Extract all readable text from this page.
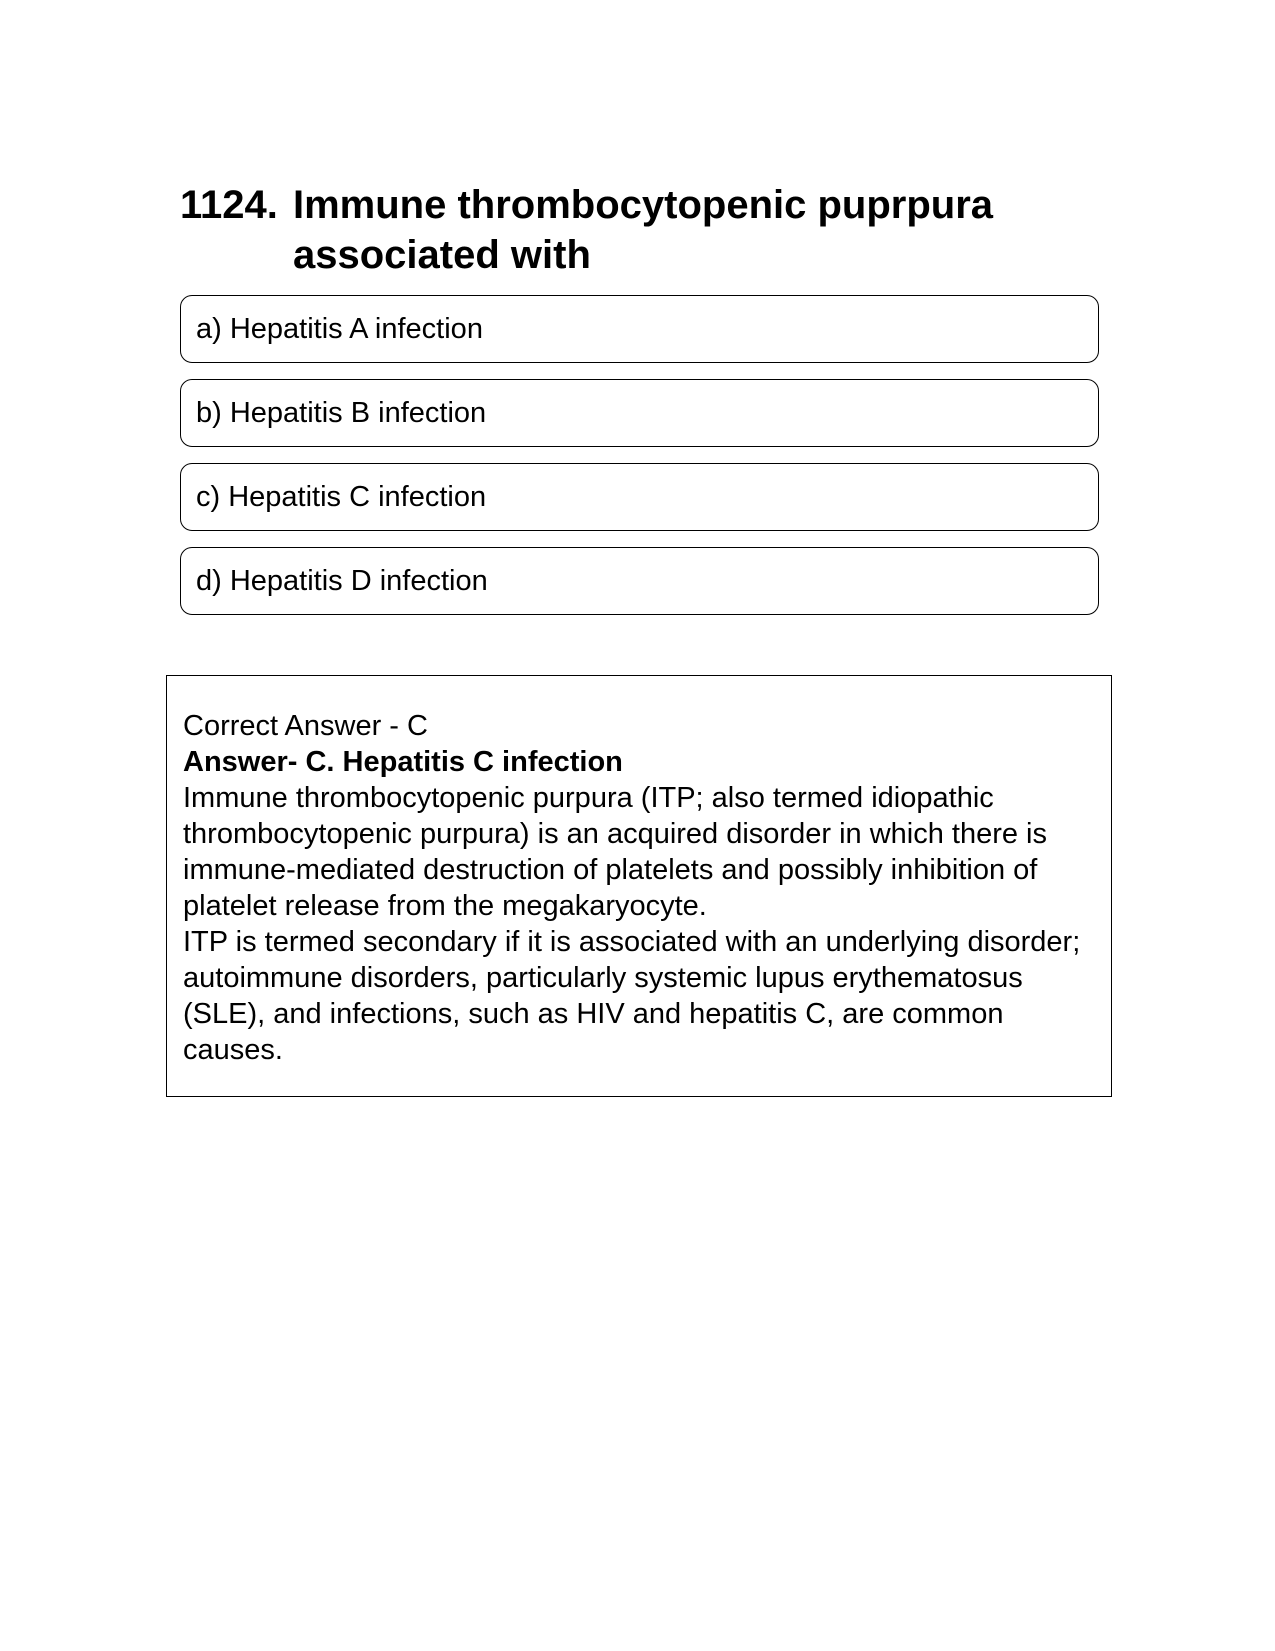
1124. Immune thrombocytopenic puprpura associated with
a) Hepatitis A infection
b) Hepatitis B infection
c) Hepatitis C infection
d) Hepatitis D infection

Correct Answer - C

Answer- C. Hepatitis C infection

Immune thrombocytopenic purpura (ITP; also termed idiopathic thrombocytopenic purpura) is an acquired disorder in which there is immune-mediated destruction of platelets and possibly inhibition of platelet release from the megakaryocyte.

ITP is termed secondary if it is associated with an underlying disorder; autoimmune disorders, particularly systemic lupus erythematosus (SLE), and infections, such as HIV and hepatitis C, are common causes.
